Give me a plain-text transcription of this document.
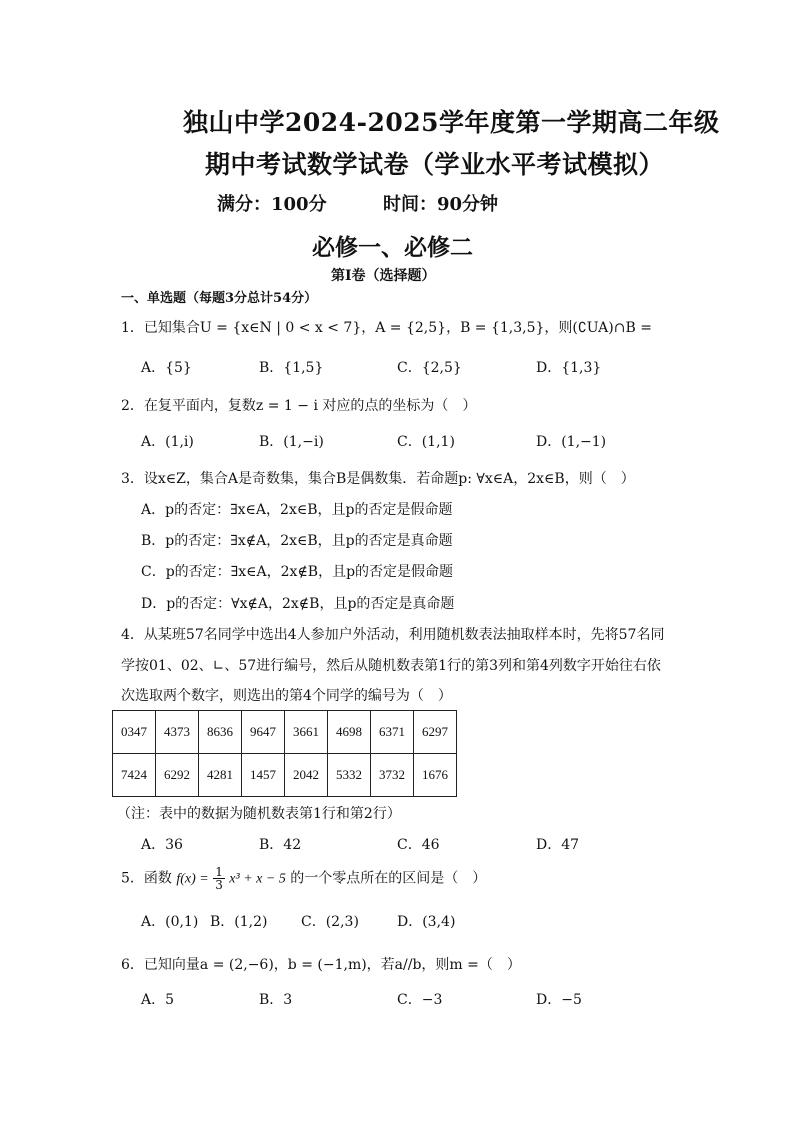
独山中学2024-2025学年度第一学期高二年级
期中考试数学试卷（学业水平考试模拟）
满分：100分	时间：90分钟
必修一、必修二
第Ⅰ卷（选择题）
一、单选题（每题3分总计54分）
1．已知集合U = {x∈N | 0 < x < 7}，A = {2,5}，B = {1,3,5}，则(∁UA)∩B =
A．{5}	B．{1,5}	C．{2,5}	D．{1,3}
2．在复平面内，复数z = 1 − i 对应的点的坐标为（　）
A．(1,i)	B．(1,−i)	C．(1,1)	D．(1,−1)
3．设x∈Z，集合A是奇数集，集合B是偶数集．若命题p: ∀x∈A，2x∈B，则（　）
A．p的否定：∃x∈A，2x∈B，且p的否定是假命题
B．p的否定：∃x∉A，2x∈B，且p的否定是真命题
C．p的否定：∃x∈A，2x∉B，且p的否定是假命题
D．p的否定：∀x∉A，2x∉B，且p的否定是真命题
4．从某班57名同学中选出4人参加户外活动，利用随机数表法抽取样本时，先将57名同
学按01、02、∟、57进行编号，然后从随机数表第1行的第3列和第4列数字开始往右依
次选取两个数字，则选出的第4个同学的编号为（　）
0347	4373	8636	9647	3661	4698	6371	6297
7424	6292	4281	1457	2042	5332	3732	1676
（注：表中的数据为随机数表第1行和第2行）
A．36	B．42	C．46	D．47
5．函数 $f(x) = \frac{1}{3} x^3 + x - 5$ 的一个零点所在的区间是（　）
A．(0,1) B．(1,2) C．(2,3)	D．(3,4)
6．已知向量a = (2,−6)，b = (−1,m)，若a//b，则m =（　）
A．5	B．3	C．−3	D．−5
